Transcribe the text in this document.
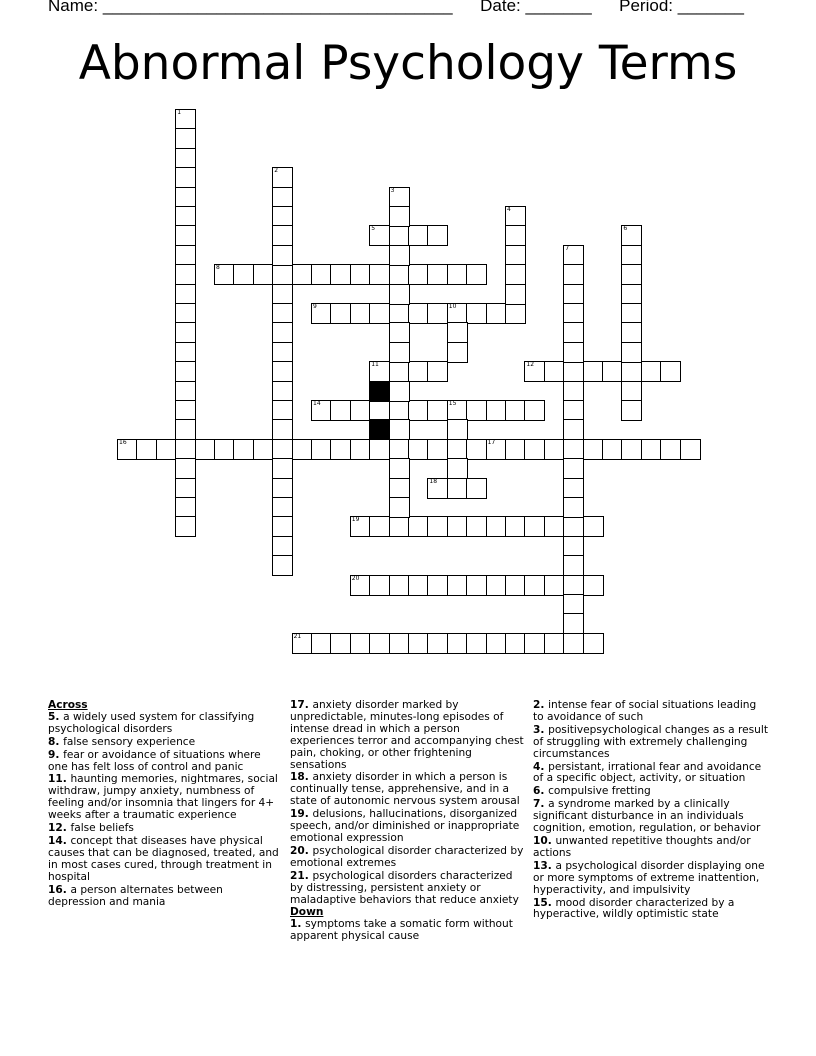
Name: _____________________________________ Date: _______ Period: _______
Abnormal Psychology Terms
5
8
9	10
11	12
14	15
16	17
18
19
20
21
1
2
3
4
6
7
13
Across
5. a widely used system for classifying psychological disorders
8. false sensory experience
9. fear or avoidance of situations where one has felt loss of control and panic
11. haunting memories, nightmares, social withdraw, jumpy anxiety, numbness of feeling and/or insomnia that lingers for 4+ weeks after a traumatic experience
12. false beliefs
14. concept that diseases have physical causes that can be diagnosed, treated, and in most cases cured, through treatment in hospital
16. a person alternates between depression and mania
17. anxiety disorder marked by unpredictable, minutes-long episodes of intense dread in which a person experiences terror and accompanying chest pain, choking, or other frightening sensations
18. anxiety disorder in which a person is continually tense, apprehensive, and in a state of autonomic nervous system arousal
19. delusions, hallucinations, disorganized speech, and/or diminished or inappropriate emotional expression
20. psychological disorder characterized by emotional extremes
21. psychological disorders characterized by distressing, persistent anxiety or maladaptive behaviors that reduce anxiety
Down
1. symptoms take a somatic form without apparent physical cause
2. intense fear of social situations leading to avoidance of such
3. positivepsychological changes as a result of struggling with extremely challenging circumstances
4. persistant, irrational fear and avoidance of a specific object, activity, or situation
6. compulsive fretting
7. a syndrome marked by a clinically significant disturbance in an individuals cognition, emotion, regulation, or behavior
10. unwanted repetitive thoughts and/or actions
13. a psychological disorder displaying one or more symptoms of extreme inattention, hyperactivity, and impulsivity
15. mood disorder characterized by a hyperactive, wildly optimistic state
